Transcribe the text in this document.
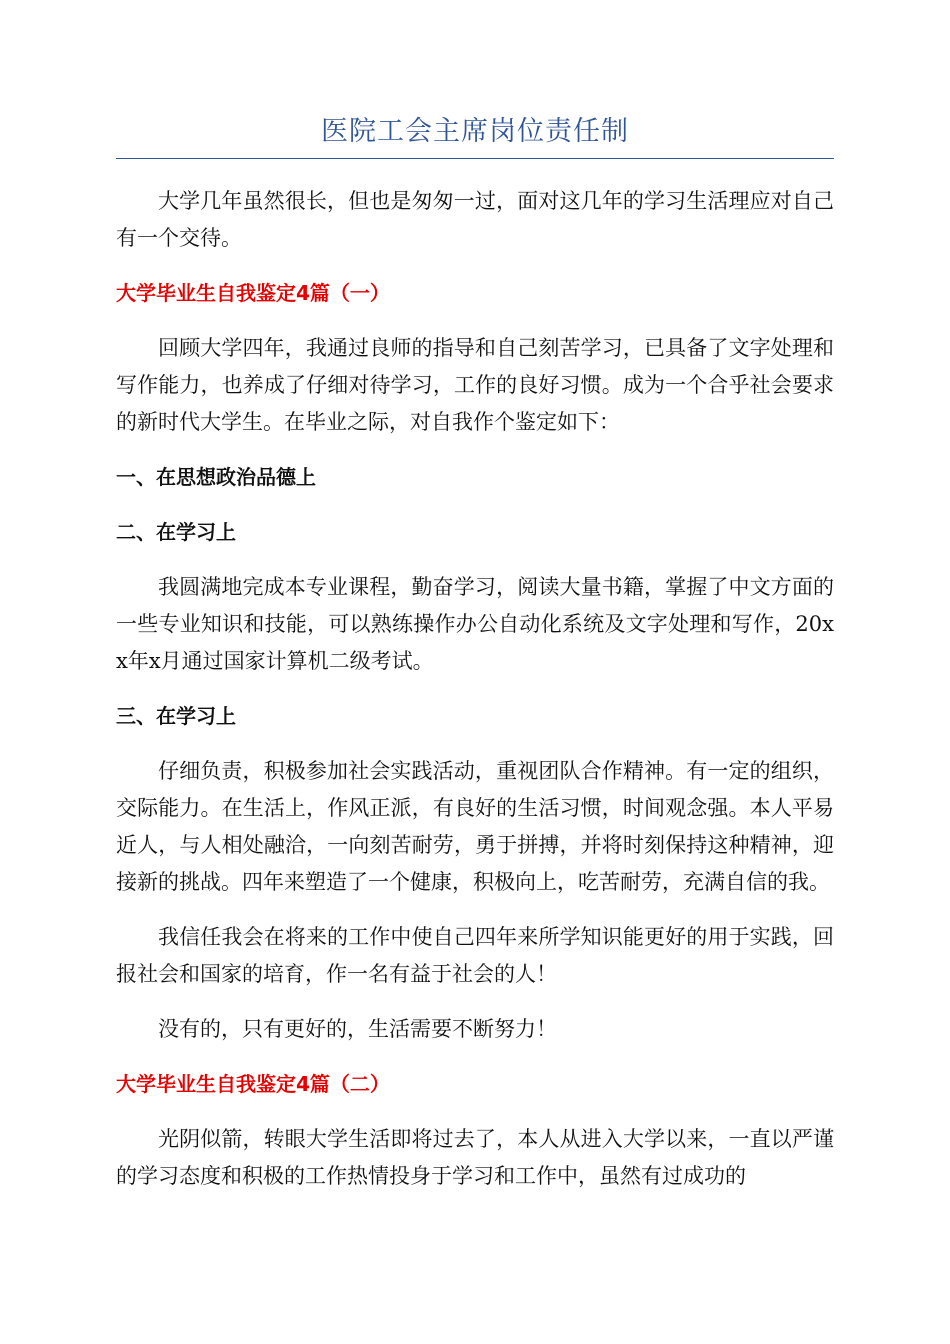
医院工会主席岗位责任制

大学几年虽然很长，但也是匆匆一过，面对这几年的学习生活理应对自己有一个交待。

大学毕业生自我鉴定4篇（一）

回顾大学四年，我通过良师的指导和自己刻苦学习，已具备了文字处理和写作能力，也养成了仔细对待学习，工作的良好习惯。成为一个合乎社会要求的新时代大学生。在毕业之际，对自我作个鉴定如下：

一、在思想政治品德上
二、在学习上

我圆满地完成本专业课程，勤奋学习，阅读大量书籍，掌握了中文方面的一些专业知识和技能，可以熟练操作办公自动化系统及文字处理和写作，20xx年x月通过国家计算机二级考试。

三、在学习上

仔细负责，积极参加社会实践活动，重视团队合作精神。有一定的组织，交际能力。在生活上，作风正派，有良好的生活习惯，时间观念强。本人平易近人，与人相处融洽，一向刻苦耐劳，勇于拼搏，并将时刻保持这种精神，迎接新的挑战。四年来塑造了一个健康，积极向上，吃苦耐劳，充满自信的我。

我信任我会在将来的工作中使自己四年来所学知识能更好的用于实践，回报社会和国家的培育，作一名有益于社会的人！

没有的，只有更好的，生活需要不断努力！

大学毕业生自我鉴定4篇（二）

光阴似箭，转眼大学生活即将过去了，本人从进入大学以来，一直以严谨的学习态度和积极的工作热情投身于学习和工作中，虽然有过成功的
